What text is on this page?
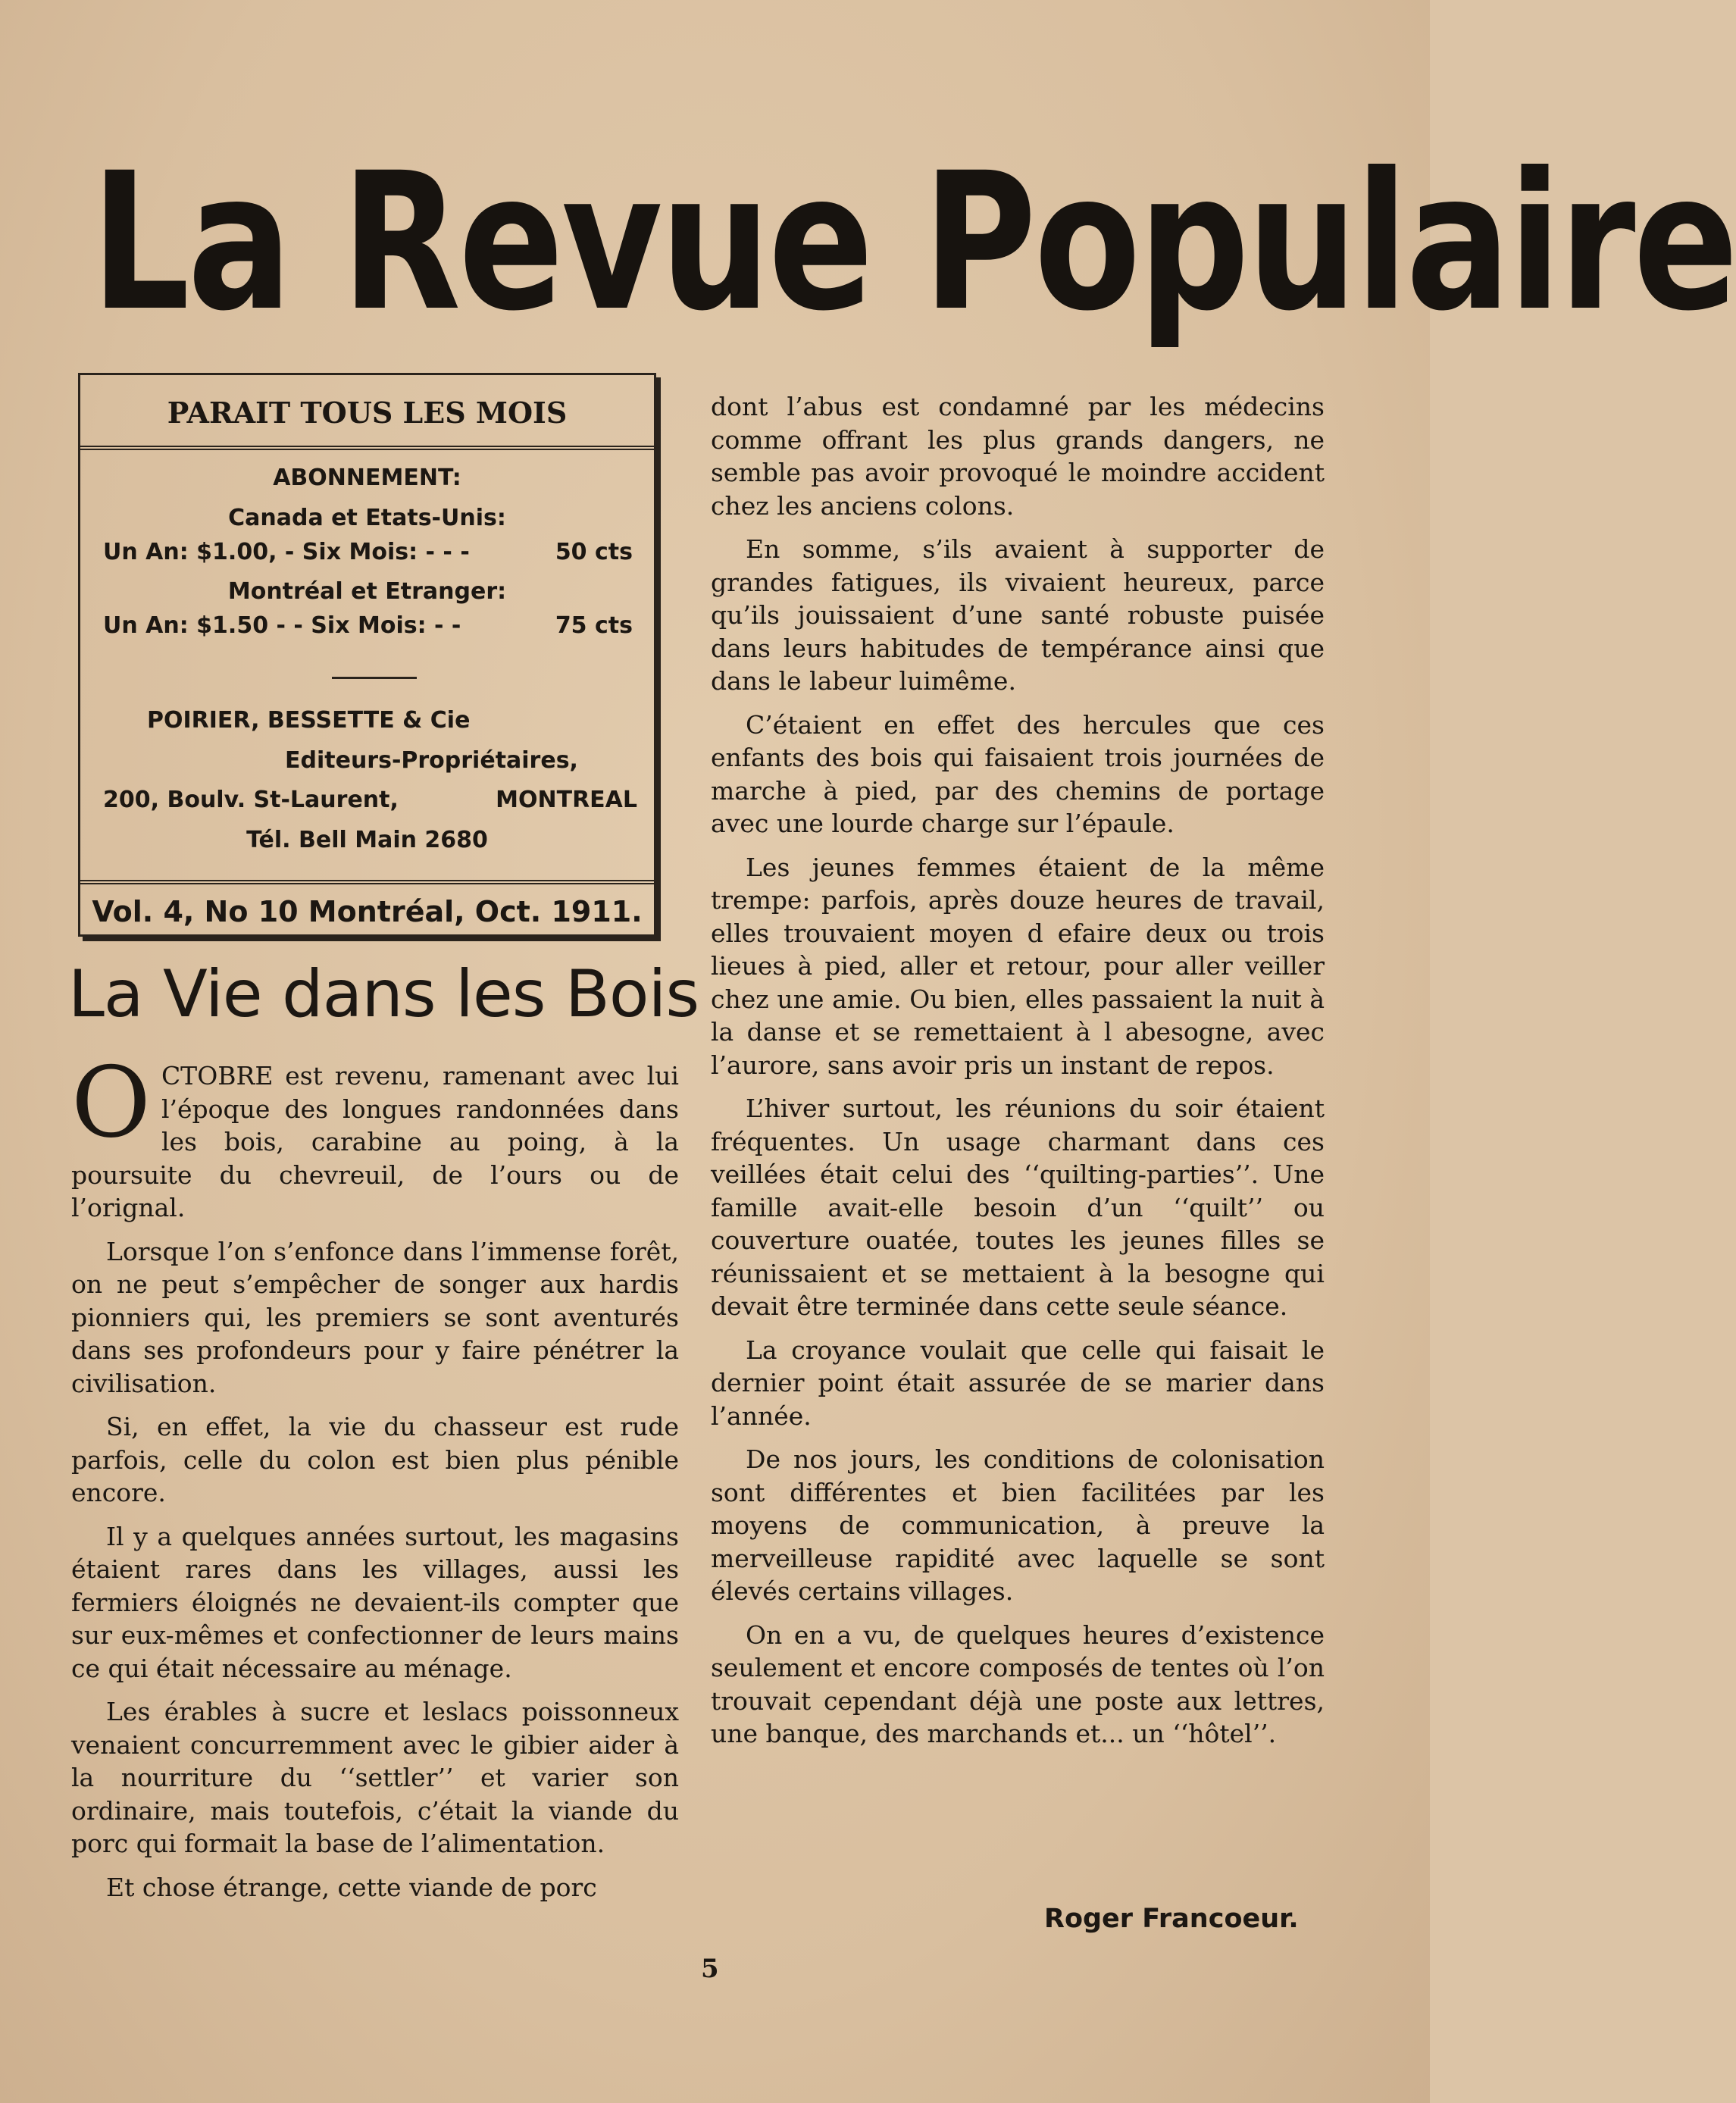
La Revue Populaire
PARAIT TOUS LES MOIS
ABONNEMENT:
Canada et Etats-Unis:
Un An: $1.00, - Six Mois: - - -	50 cts
Montréal et Etranger:
Un An: $1.50 - - Six Mois: - -	75 cts
POIRIER, BESSETTE & Cie
Editeurs-Propriétaires,
200, Boulv. St-Laurent,	MONTREAL
Tél. Bell Main 2680
Vol. 4, No 10 Montréal, Oct. 1911.
La Vie dans les Bois

OCTOBRE est revenu, ramenant avec lui l’époque des longues randonnées dans les bois, carabine au poing, à la poursuite du chevreuil, de l’ours ou de l’orignal.

Lorsque l’on s’enfonce dans l’immense forêt, on ne peut s’empêcher de songer aux hardis pionniers qui, les premiers se sont aventurés dans ses profondeurs pour y faire pénétrer la civilisation.

Si, en effet, la vie du chasseur est rude parfois, celle du colon est bien plus pénible encore.

Il y a quelques années surtout, les magasins étaient rares dans les villages, aussi les fermiers éloignés ne devaient-ils compter que sur eux-mêmes et confectionner de leurs mains ce qui était nécessaire au ménage.

Les érables à sucre et leslacs poissonneux venaient concurremment avec le gibier aider à la nourriture du ‘‘settler’’ et varier son ordinaire, mais toutefois, c’était la viande du porc qui formait la base de l’alimentation.

Et chose étrange, cette viande de porc

dont l’abus est condamné par les médecins comme offrant les plus grands dangers, ne semble pas avoir provoqué le moindre accident chez les anciens colons.

En somme, s’ils avaient à supporter de grandes fatigues, ils vivaient heureux, parce qu’ils jouissaient d’une santé robuste puisée dans leurs habitudes de tempérance ainsi que dans le labeur luimême.

C’étaient en effet des hercules que ces enfants des bois qui faisaient trois journées de marche à pied, par des chemins de portage avec une lourde charge sur l’épaule.

Les jeunes femmes étaient de la même trempe: parfois, après douze heures de travail, elles trouvaient moyen d efaire deux ou trois lieues à pied, aller et retour, pour aller veiller chez une amie. Ou bien, elles passaient la nuit à la danse et se remettaient à l abesogne, avec l’aurore, sans avoir pris un instant de repos.

L’hiver surtout, les réunions du soir étaient fréquentes. Un usage charmant dans ces veillées était celui des ‘‘quilting-parties’’. Une famille avait-elle besoin d’un ‘‘quilt’’ ou couverture ouatée, toutes les jeunes filles se réunissaient et se mettaient à la besogne qui devait être terminée dans cette seule séance.

La croyance voulait que celle qui faisait le dernier point était assurée de se marier dans l’année.

De nos jours, les conditions de colonisation sont différentes et bien facilitées par les moyens de communication, à preuve la merveilleuse rapidité avec laquelle se sont élevés certains villages.

On en a vu, de quelques heures d’existence seulement et encore composés de tentes où l’on trouvait cependant déjà une poste aux lettres, une banque, des marchands et... un ‘‘hôtel’’.

Roger Francoeur.
5
